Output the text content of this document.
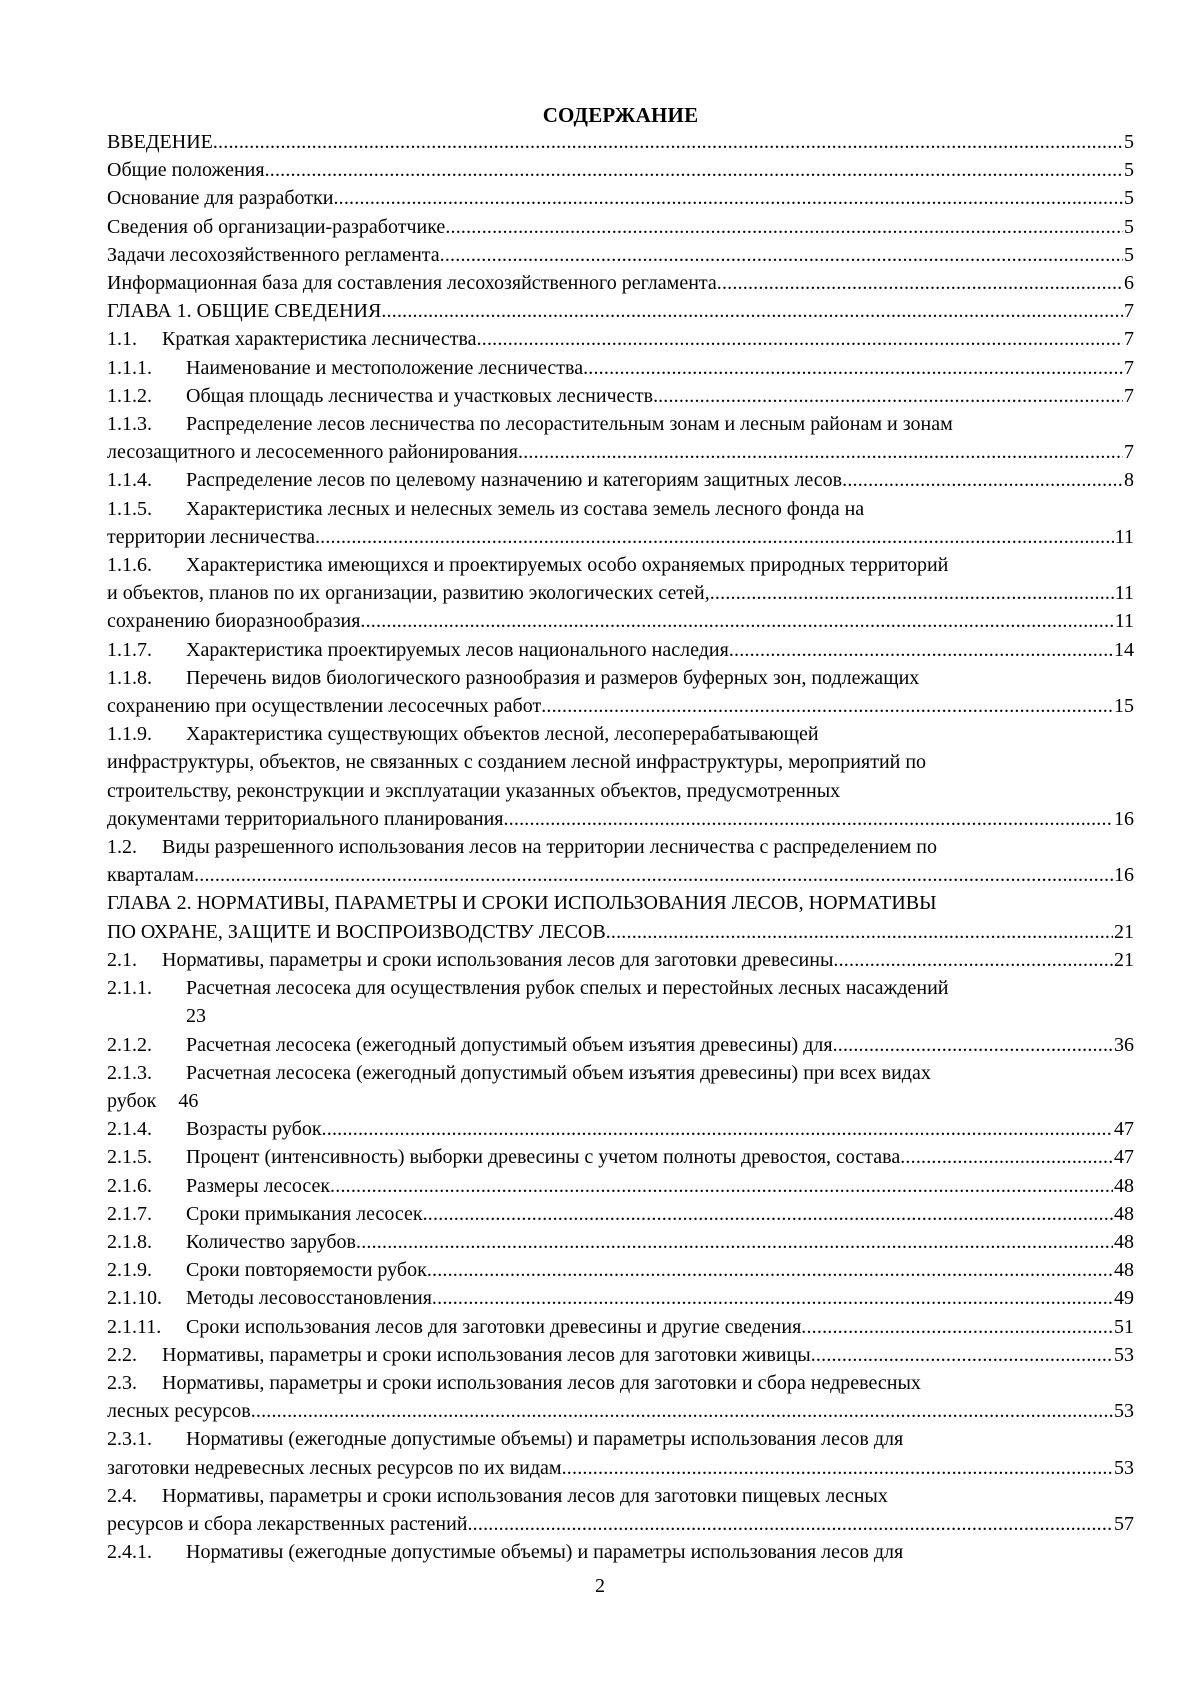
СОДЕРЖАНИЕ
ВВЕДЕНИЕ .....	5
Общие положения .....	5
Основание для разработки .....	5
Сведения об организации-разработчике .....	5
Задачи лесохозяйственного регламента .....	5
Информационная база для составления лесохозяйственного регламента .....	6
ГЛАВА 1. ОБЩИЕ СВЕДЕНИЯ .....	7
1.1.	Краткая характеристика лесничества .....	7
1.1.1.	Наименование и местоположение лесничества .....	7
1.1.2.	Общая площадь лесничества и участковых лесничеств. .....	7
1.1.3.	Распределение лесов лесничества по лесорастительным зонам и лесным районам и зонам
лесозащитного и лесосеменного районирования .....	7
1.1.4.	Распределение лесов по целевому назначению и категориям защитных лесов .....	8
1.1.5.	Характеристика лесных и нелесных земель из состава земель лесного фонда на
территории лесничества .....	11
1.1.6.	Характеристика имеющихся и проектируемых особо охраняемых природных территорий
и объектов, планов по их организации, развитию экологических сетей, .....	11
сохранению биоразнообразия .....	11
1.1.7.	Характеристика проектируемых лесов национального наследия .....	14
1.1.8.	Перечень видов биологического разнообразия и размеров буферных зон, подлежащих
сохранению при осуществлении лесосечных работ .....	15
1.1.9.	Характеристика существующих объектов лесной, лесоперерабатывающей
инфраструктуры, объектов, не связанных с созданием лесной инфраструктуры, мероприятий по
строительству, реконструкции и эксплуатации указанных объектов, предусмотренных
документами территориального планирования .....	16
1.2.	Виды разрешенного использования лесов на территории лесничества с распределением по
кварталам .....	16
ГЛАВА 2. НОРМАТИВЫ, ПАРАМЕТРЫ И СРОКИ ИСПОЛЬЗОВАНИЯ ЛЕСОВ, НОРМАТИВЫ
ПО ОХРАНЕ, ЗАЩИТЕ И ВОСПРОИЗВОДСТВУ ЛЕСОВ .....	21
2.1.	Нормативы, параметры и сроки использования лесов для заготовки древесины .....	21
2.1.1.	Расчетная лесосека для осуществления рубок спелых и перестойных лесных насаждений
23
2.1.2.	Расчетная лесосека (ежегодный допустимый объем изъятия древесины) для .....	36
2.1.3.	Расчетная лесосека (ежегодный допустимый объем изъятия древесины) при всех видах
рубок 46
2.1.4.	Возрасты рубок .....	47
2.1.5.	Процент (интенсивность) выборки древесины с учетом полноты древостоя, состава .....	47
2.1.6.	Размеры лесосек .....	48
2.1.7.	Сроки примыкания лесосек .....	48
2.1.8.	Количество зарубов .....	48
2.1.9.	Сроки повторяемости рубок .....	48
2.1.10.	Методы лесовосстановления .....	49
2.1.11.	Сроки использования лесов для заготовки древесины и другие сведения .....	51
2.2.	Нормативы, параметры и сроки использования лесов для заготовки живицы .....	53
2.3.	Нормативы, параметры и сроки использования лесов для заготовки и сбора недревесных
лесных ресурсов .....	53
2.3.1.	Нормативы (ежегодные допустимые объемы) и параметры использования лесов для
заготовки недревесных лесных ресурсов по их видам .....	53
2.4.	Нормативы, параметры и сроки использования лесов для заготовки пищевых лесных
ресурсов и сбора лекарственных растений .....	57
2.4.1.	Нормативы (ежегодные допустимые объемы) и параметры использования лесов для
2
